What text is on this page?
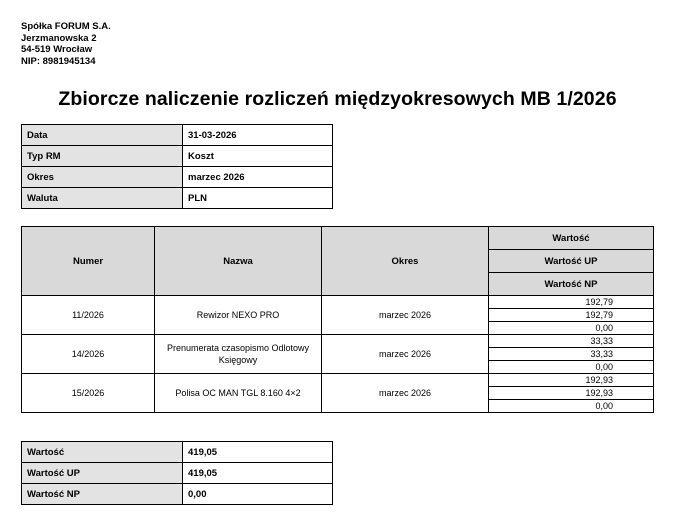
Spółka FORUM S.A.
Jerzmanowska 2
54-519 Wrocław
NIP: 8981945134
Zbiorcze naliczenie rozliczeń międzyokresowych MB 1/2026
Data	31-03-2026
Typ RM	Koszt
Okres	marzec 2026
Waluta	PLN
Numer	Nazwa	Okres	Wartość
			Wartość UP
			Wartość NP
11/2026	Rewizor NEXO PRO	marzec 2026	192,79
			192,79
			0,00
14/2026	Prenumerata czasopismo Odlotowy Księgowy	marzec 2026	33,33
			33,33
			0,00
15/2026	Polisa OC MAN TGL 8.160 4×2	marzec 2026	192,93
			192,93
			0,00
Wartość	419,05
Wartość UP	419,05
Wartość NP	0,00
